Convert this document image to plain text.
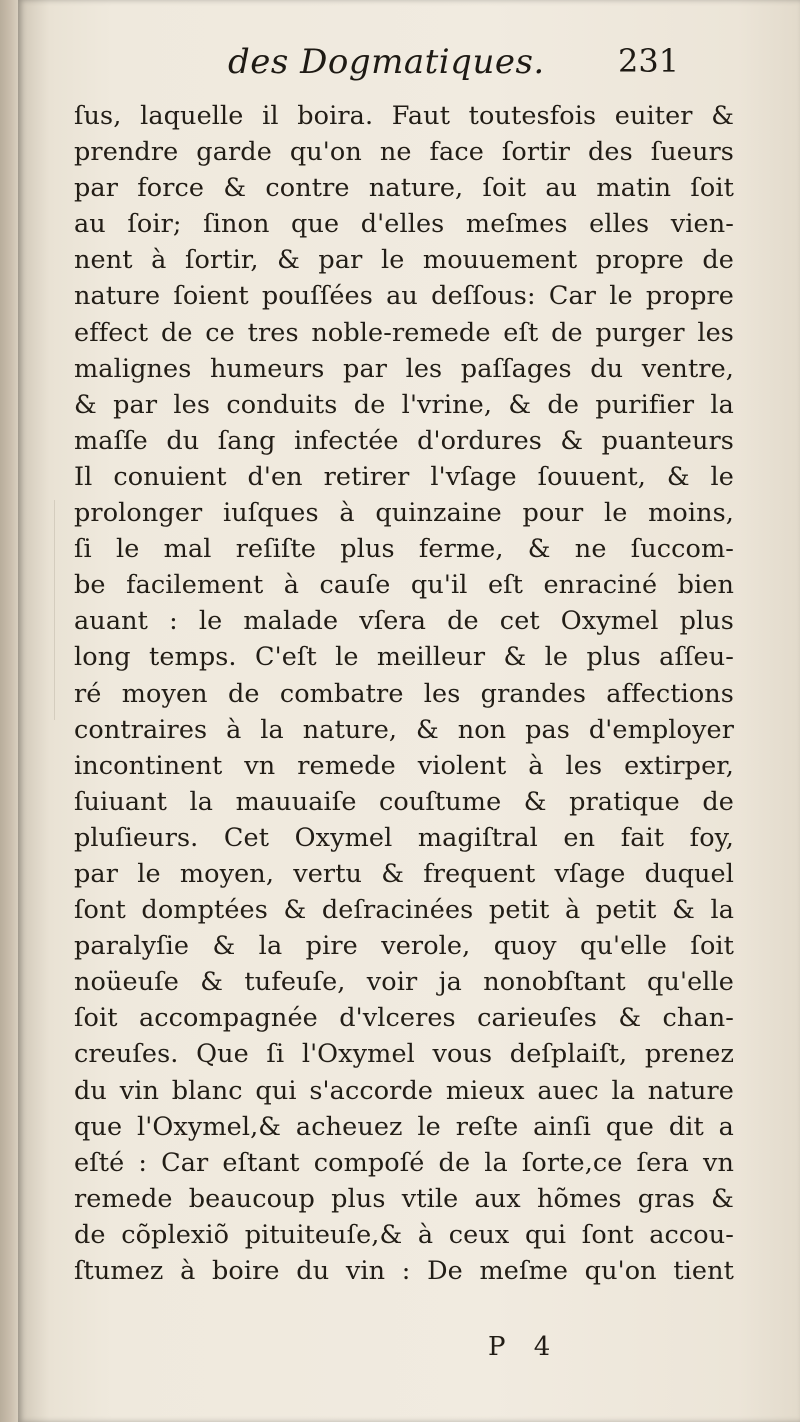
des Dogmatiques. 231
ſus, laquelle il boira. Faut toutesfois euiter &
prendre garde qu'on ne face ſortir des ſueurs
par force & contre nature, ſoit au matin ſoit
au ſoir; ſinon que d'elles meſmes elles vien-
nent à ſortir, & par le mouuement propre de
nature ſoient pouſſées au deſſous: Car le propre
effect de ce tres noble-remede eſt de purger les
malignes humeurs par les paſſages du ventre,
& par les conduits de l'vrine, & de purifier la
maſſe du ſang infectée d'ordures & puanteurs
Il conuient d'en retirer l'vſage ſouuent, & le
prolonger iuſques à quinzaine pour le moins,
ſi le mal reſiſte plus ferme, & ne ſuccom-
be facilement à cauſe qu'il eſt enraciné bien
auant : le malade vſera de cet Oxymel plus
long temps. C'eſt le meilleur & le plus aſſeu-
ré moyen de combatre les grandes affections
contraires à la nature, & non pas d'employer
incontinent vn remede violent à les extirper,
ſuiuant la mauuaiſe couſtume & pratique de
pluſieurs. Cet Oxymel magiſtral en fait foy,
par le moyen, vertu & frequent vſage duquel
ſont domptées & deſracinées petit à petit & la
paralyſie & la pire verole, quoy qu'elle ſoit
noüeuſe & tufeuſe, voir ja nonobſtant qu'elle
ſoit accompagnée d'vlceres carieuſes & chan-
creuſes. Que ſi l'Oxymel vous deſplaiſt, prenez
du vin blanc qui s'accorde mieux auec la nature
que l'Oxymel,& acheuez le reſte ainſi que dit a
eſté : Car eſtant compoſé de la ſorte,ce ſera vn
remede beaucoup plus vtile aux hõmes gras &
de cõplexiõ pituiteuſe,& à ceux qui ſont accou-
ſtumez à boire du vin : De meſme qu'on tient
P 4
